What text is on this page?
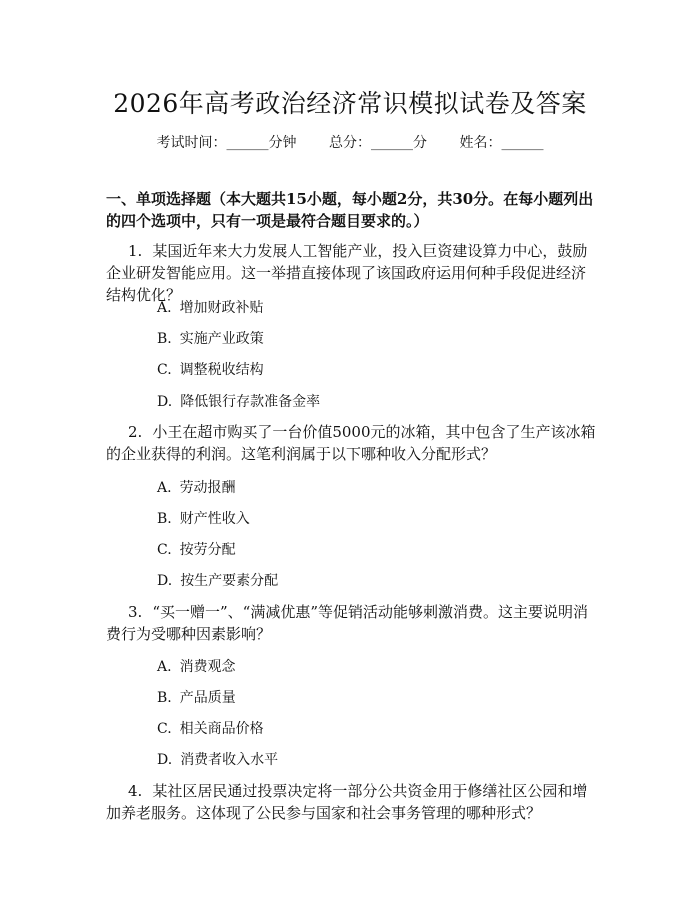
2026年高考政治经济常识模拟试卷及答案
考试时间：______分钟 总分：______分 姓名：______
一、单项选择题（本大题共15小题，每小题2分，共30分。在每小题列出的四个选项中，只有一项是最符合题目要求的。）
1. 某国近年来大力发展人工智能产业，投入巨资建设算力中心，鼓励企业研发智能应用。这一举措直接体现了该国政府运用何种手段促进经济结构优化？
A. 增加财政补贴
B. 实施产业政策
C. 调整税收结构
D. 降低银行存款准备金率
2. 小王在超市购买了一台价值5000元的冰箱，其中包含了生产该冰箱的企业获得的利润。这笔利润属于以下哪种收入分配形式？
A. 劳动报酬
B. 财产性收入
C. 按劳分配
D. 按生产要素分配
3. “买一赠一”、“满减优惠”等促销活动能够刺激消费。这主要说明消费行为受哪种因素影响？
A. 消费观念
B. 产品质量
C. 相关商品价格
D. 消费者收入水平
4. 某社区居民通过投票决定将一部分公共资金用于修缮社区公园和增加养老服务。这体现了公民参与国家和社会事务管理的哪种形式？
